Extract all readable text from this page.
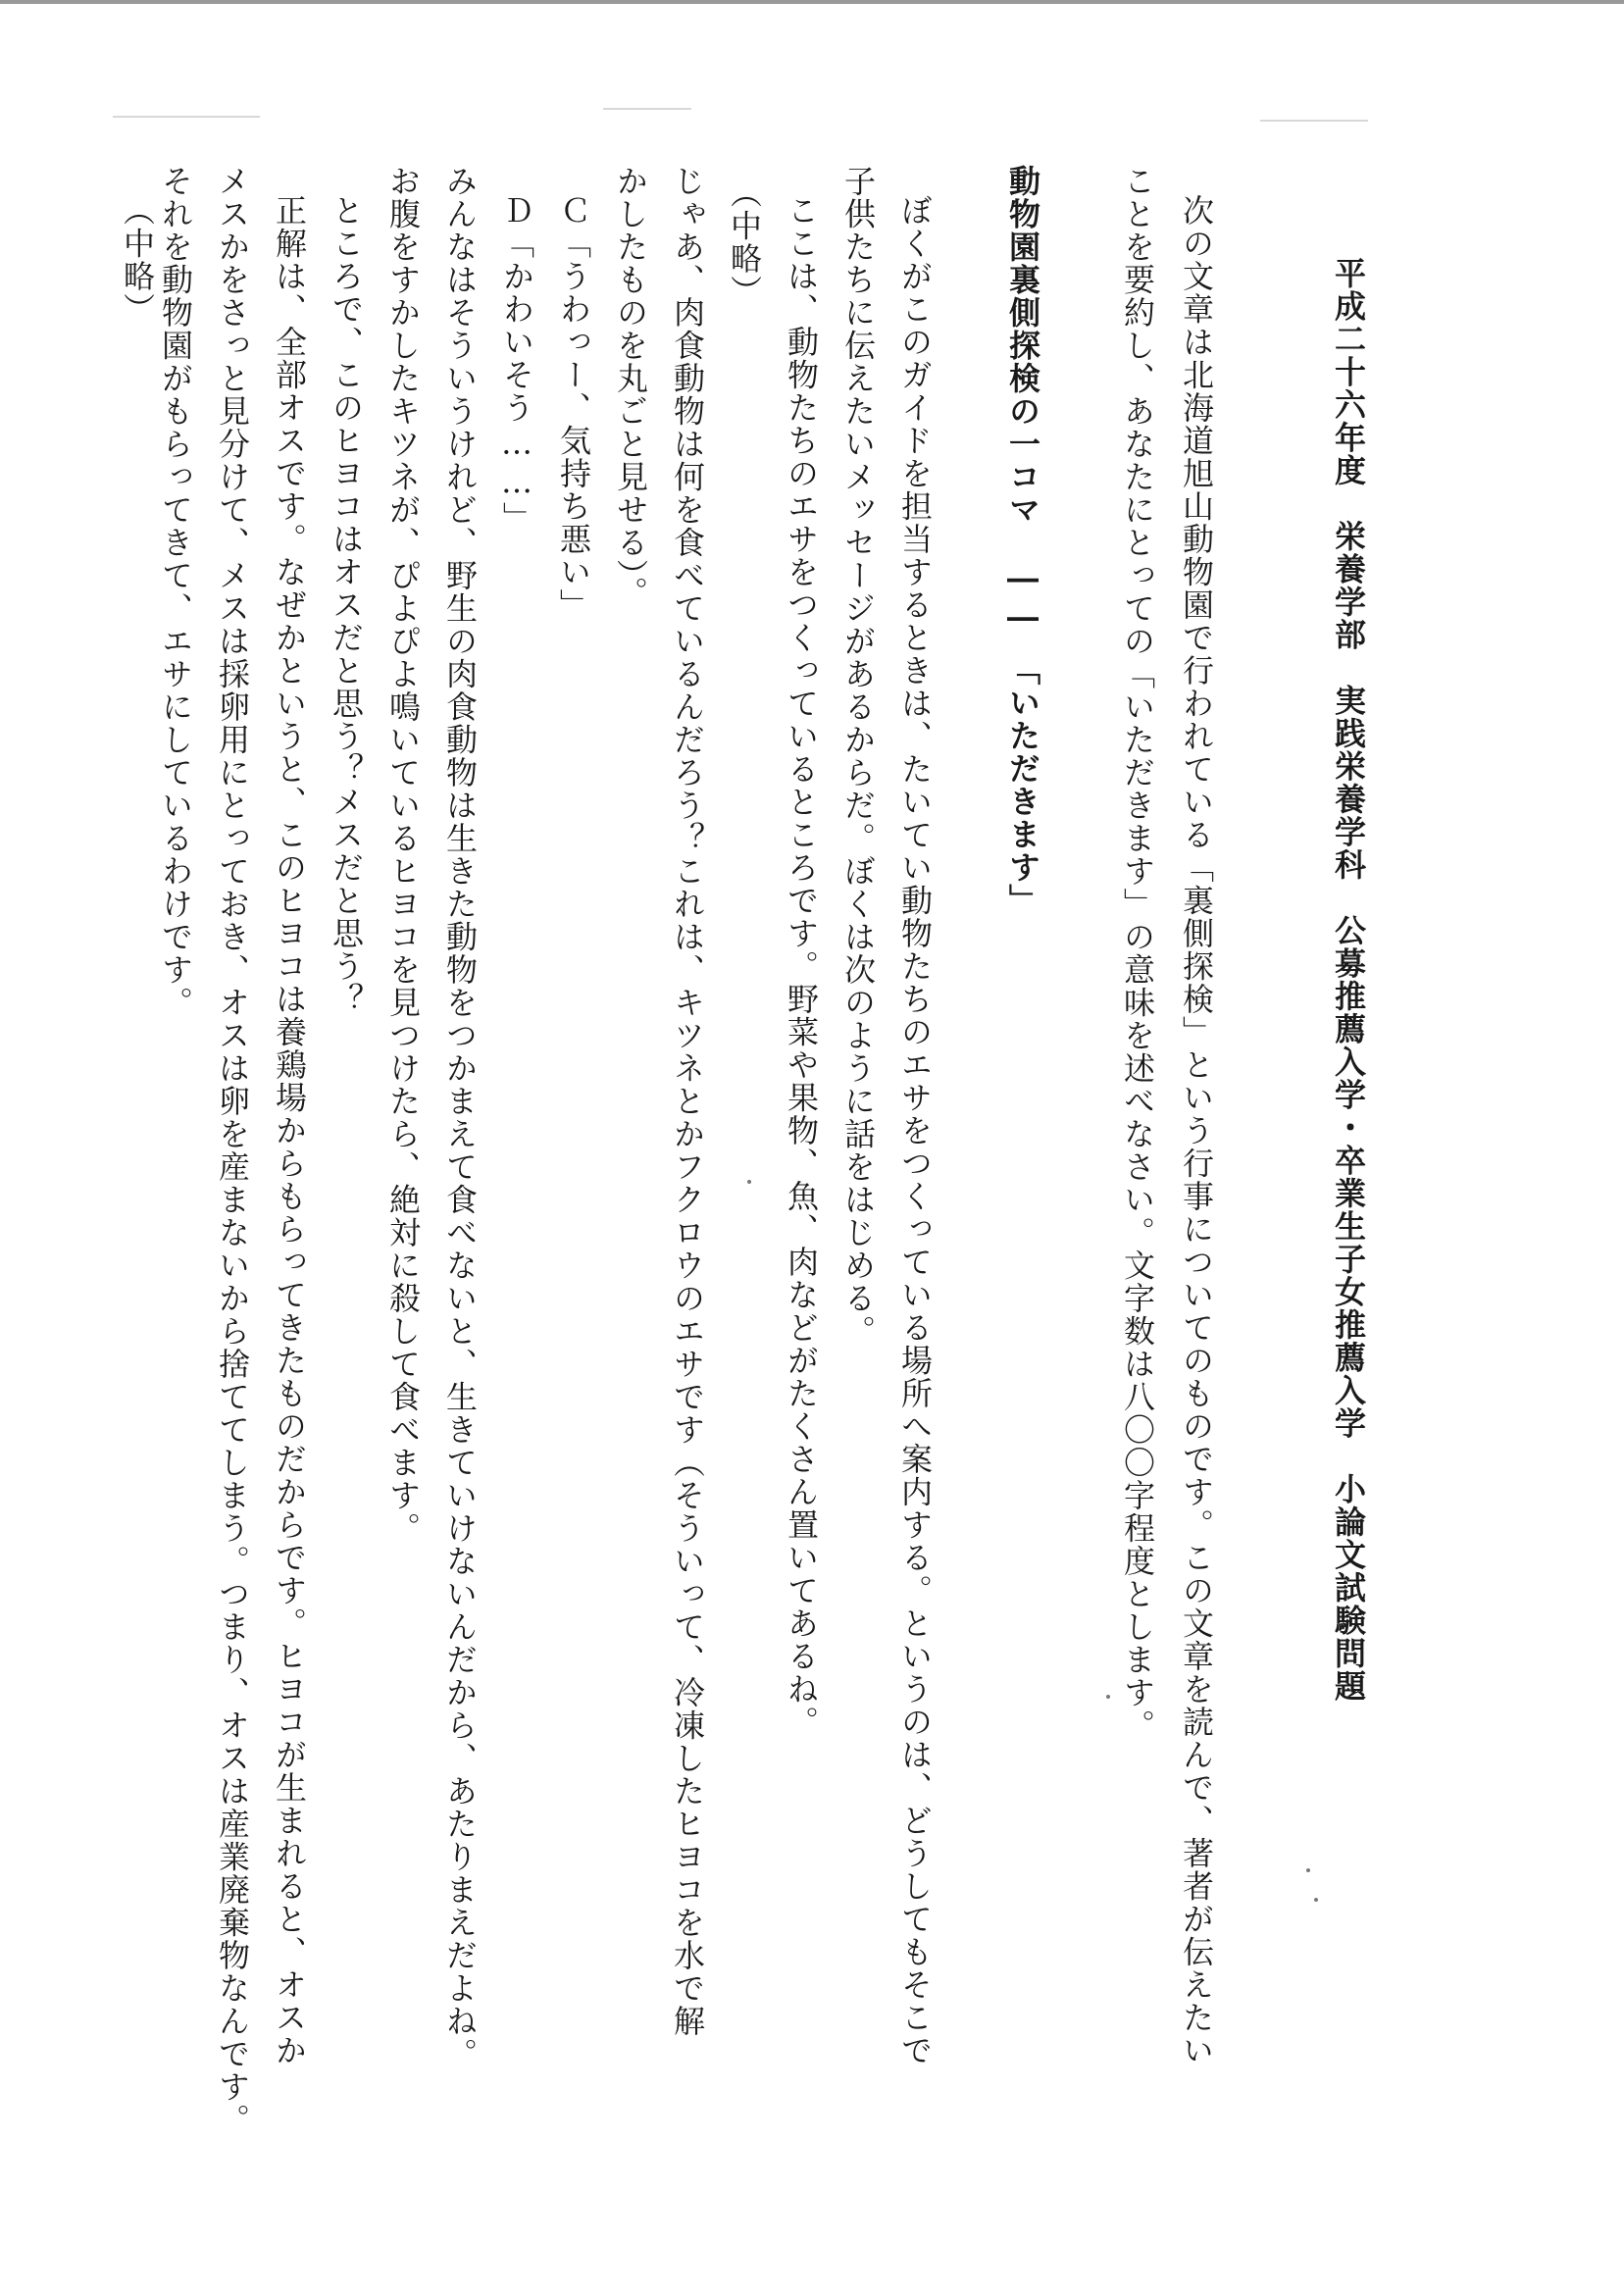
平成二十六年度　栄養学部　実践栄養学科　公募推薦入学・卒業生子女推薦入学　小論文試験問題
次の文章は北海道旭山動物園で行われている「裏側探検」という行事についてのものです。この文章を読んで、著者が伝えたい
ことを要約し、あなたにとっての「いただきます」の意味を述べなさい。文字数は八〇〇字程度とします。
動物園裏側探検の一コマ　――　「いただきます」
ぼくがこのガイドを担当するときは、たいてい動物たちのエサをつくっている場所へ案内する。というのは、どうしてもそこで
子供たちに伝えたいメッセージがあるからだ。ぼくは次のように話をはじめる。
ここは、動物たちのエサをつくっているところです。野菜や果物、魚、肉などがたくさん置いてあるね。
（中略）
じゃあ、肉食動物は何を食べているんだろう？これは、キツネとかフクロウのエサです（そういって、冷凍したヒヨコを水で解
かしたものを丸ごと見せる）。
Ｃ「うわっー、気持ち悪い」
Ｄ「かわいそう……」
みんなはそういうけれど、野生の肉食動物は生きた動物をつかまえて食べないと、生きていけないんだから、あたりまえだよね。
お腹をすかしたキツネが、ぴよぴよ鳴いているヒヨコを見つけたら、絶対に殺して食べます。
ところで、このヒヨコはオスだと思う？メスだと思う？
正解は、全部オスです。なぜかというと、このヒヨコは養鶏場からもらってきたものだからです。ヒヨコが生まれると、オスか
メスかをさっと見分けて、メスは採卵用にとっておき、オスは卵を産まないから捨ててしまう。つまり、オスは産業廃棄物なんです。
それを動物園がもらってきて、エサにしているわけです。
（中略）
